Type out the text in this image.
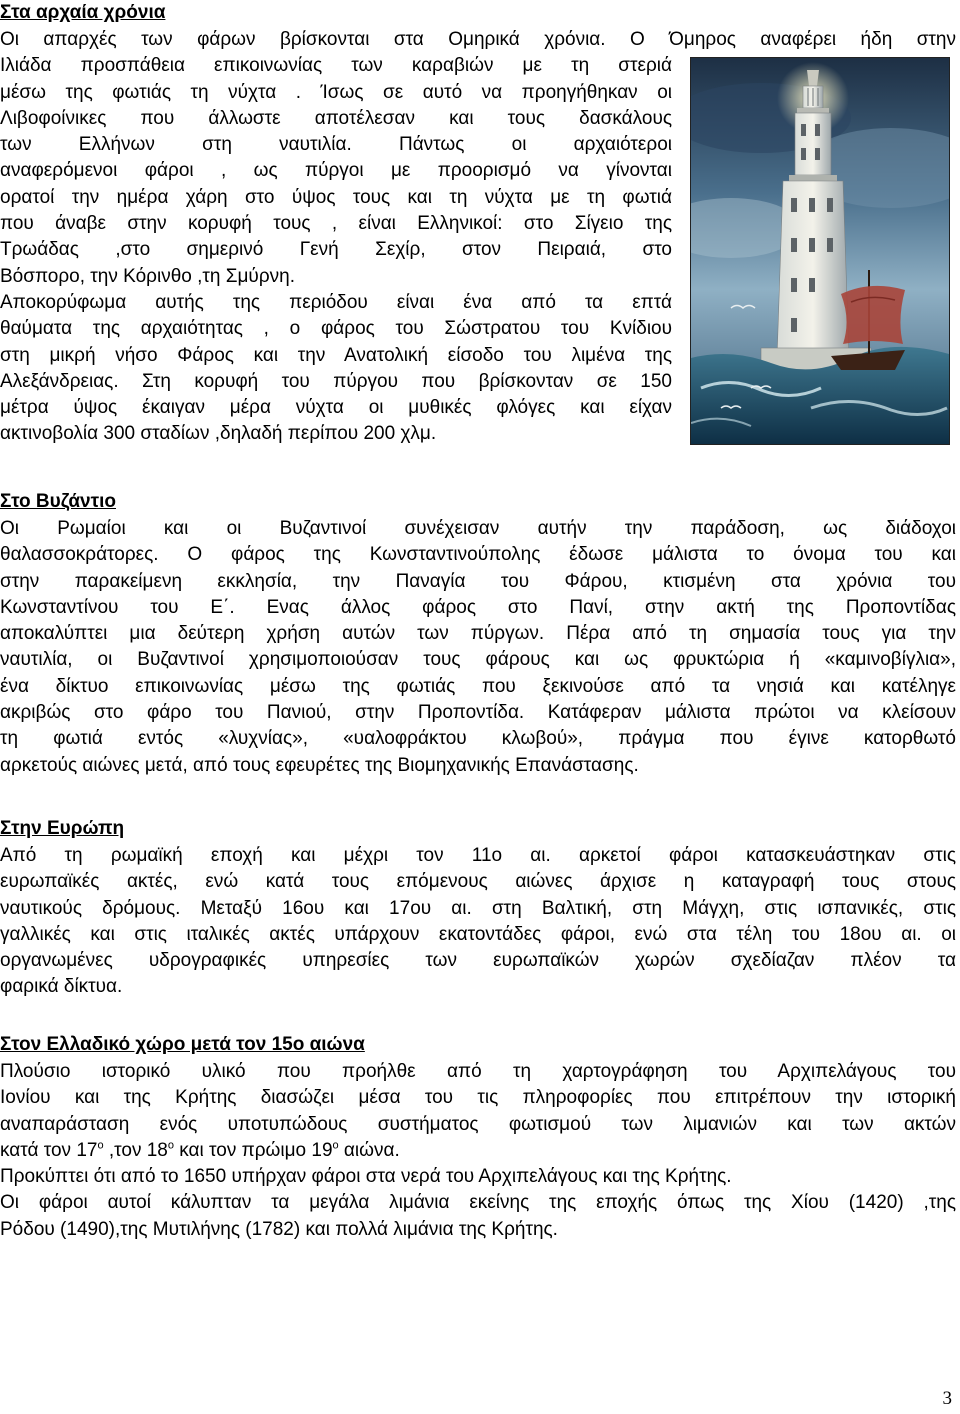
Στα αρχαία χρόνια

Οι απαρχές των φάρων βρίσκονται στα Ομηρικά χρόνια. Ο Όμηρος αναφέρει ήδη στην
Ιλιάδα προσπάθεια επικοινωνίας των καραβιών με τη στεριά
μέσω της φωτιάς τη νύχτα . Ίσως σε αυτό να προηγήθηκαν οι
Λιβοφοίνικες που άλλωστε αποτέλεσαν και τους δασκάλους
των Ελλήνων στη ναυτιλία. Πάντως οι αρχαιότεροι
αναφερόμενοι φάροι , ως πύργοι με προορισμό να γίνονται
ορατοί την ημέρα χάρη στο ύψος τους και τη νύχτα με τη φωτιά
που άναβε στην κορυφή τους , είναι Ελληνικοί: στο Σίγειο της
Τρωάδας ,στο σημερινό Γενή Σεχίρ, στον Πειραιά, στο
Βόσπορο, την Κόρινθο ,τη Σμύρνη.
Αποκορύφωμα αυτής της περιόδου είναι ένα από τα επτά
θαύματα της αρχαιότητας , ο φάρος του Σώστρατου του Κνίδιου
στη μικρή νήσο Φάρος και την Ανατολική είσοδο του λιμένα της
Αλεξάνδρειας. Στη κορυφή του πύργου που βρίσκονταν σε 150
μέτρα ύψος έκαιγαν μέρα νύχτα οι μυθικές φλόγες και είχαν
ακτινοβολία 300 σταδίων ,δηλαδή περίπου 200 χλμ.

Στο Βυζάντιο

Οι Ρωμαίοι και οι Βυζαντινοί συνέχεισαν αυτήν την παράδοση, ως διάδοχοι
θαλασσοκράτορες. Ο φάρος της Κωνσταντινούπολης έδωσε μάλιστα το όνομα του και
στην παρακείμενη εκκλησία, την Παναγία του Φάρου, κτισμένη στα χρόνια του
Κωνσταντίνου του Ε΄. Ενας άλλος φάρος στο Πανί, στην ακτή της Προποντίδας
αποκαλύπτει μια δεύτερη χρήση αυτών των πύργων. Πέρα από τη σημασία τους για την
ναυτιλία, οι Βυζαντινοί χρησιμοποιούσαν τους φάρους και ως φρυκτώρια ή «καμινοβίγλια»,
ένα δίκτυο επικοινωνίας μέσω της φωτιάς που ξεκινούσε από τα νησιά και κατέληγε
ακριβώς στο φάρο του Πανιού, στην Προποντίδα. Κατάφεραν μάλιστα πρώτοι να κλείσουν
τη φωτιά εντός «λυχνίας», «υαλοφράκτου κλωβού», πράγμα που έγινε κατορθωτό
αρκετούς αιώνες μετά, από τους εφευρέτες της Βιομηχανικής Επανάστασης.

Στην Ευρώπη

Από τη ρωμαϊκή εποχή και μέχρι τον 11ο αι. αρκετοί φάροι κατασκευάστηκαν στις
ευρωπαϊκές ακτές, ενώ κατά τους επόμενους αιώνες άρχισε η καταγραφή τους στους
ναυτικούς δρόμους. Μεταξύ 16ου και 17ου αι. στη Βαλτική, στη Μάγχη, στις ισπανικές, στις
γαλλικές και στις ιταλικές ακτές υπάρχουν εκατοντάδες φάροι, ενώ στα τέλη του 18ου αι. οι
οργανωμένες υδρογραφικές υπηρεσίες των ευρωπαϊκών χωρών σχεδίαζαν πλέον τα
φαρικά δίκτυα.

Στον Ελλαδικό χώρο μετά τον 15ο αιώνα

Πλούσιο ιστορικό υλικό που προήλθε από τη χαρτογράφηση του Αρχιπελάγους του
Ιονίου και της Κρήτης διασώζει μέσα του τις πληροφορίες που επιτρέπουν την ιστορική
αναπαράσταση ενός υποτυπώδους συστήματος φωτισμού των λιμανιών και των ακτών
κατά τον $17^o$ ,τον $18^o$ και τον πρώιμο $19^o$ αιώνα.
Προκύπτει ότι από το 1650 υπήρχαν φάροι στα νερά του Αρχιπελάγους και της Κρήτης.
Οι φάροι αυτοί κάλυπταν τα μεγάλα λιμάνια εκείνης της εποχής όπως της Χίου (1420) ,της
Ρόδου (1490),της Μυτιλήνης (1782) και πολλά λιμάνια της Κρήτης.

3
